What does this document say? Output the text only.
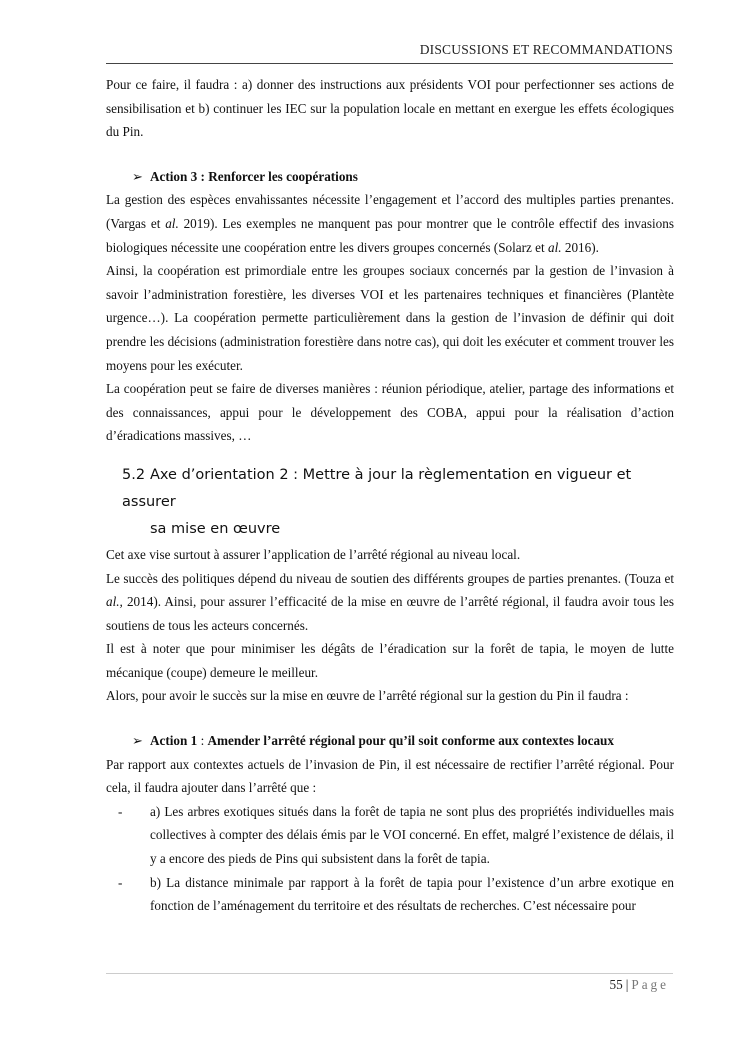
DISCUSSIONS ET RECOMMANDATIONS

Pour ce faire, il faudra : a) donner des instructions aux présidents VOI pour perfectionner ses actions de sensibilisation et b) continuer les IEC sur la population locale en mettant en exergue les effets écologiques du Pin.

➢ Action 3 : Renforcer les coopérations

La gestion des espèces envahissantes nécessite l’engagement et l’accord des multiples parties prenantes. (Vargas et al. 2019). Les exemples ne manquent pas pour montrer que le contrôle effectif des invasions biologiques nécessite une coopération entre les divers groupes concernés (Solarz et al. 2016).

Ainsi, la coopération est primordiale entre les groupes sociaux concernés par la gestion de l’invasion à savoir l’administration forestière, les diverses VOI et les partenaires techniques et financières (Plantète urgence…). La coopération permette particulièrement dans la gestion de l’invasion de définir qui doit prendre les décisions (administration forestière dans notre cas), qui doit les exécuter et comment trouver les moyens pour les exécuter.

La coopération peut se faire de diverses manières : réunion périodique, atelier, partage des informations et des connaissances, appui pour le développement des COBA, appui pour la réalisation d’action d’éradications massives, …

5.2 Axe d’orientation 2 : Mettre à jour la règlementation en vigueur et assurer
sa mise en œuvre

Cet axe vise surtout à assurer l’application de l’arrêté régional au niveau local.

Le succès des politiques dépend du niveau de soutien des différents groupes de parties prenantes. (Touza et al., 2014). Ainsi, pour assurer l’efficacité de la mise en œuvre de l’arrêté régional, il faudra avoir tous les soutiens de tous les acteurs concernés.

Il est à noter que pour minimiser les dégâts de l’éradication sur la forêt de tapia, le moyen de lutte mécanique (coupe) demeure le meilleur.

Alors, pour avoir le succès sur la mise en œuvre de l’arrêté régional sur la gestion du Pin il faudra :

➢ Action 1 : Amender l’arrêté régional pour qu’il soit conforme aux contextes locaux

Par rapport aux contextes actuels de l’invasion de Pin, il est nécessaire de rectifier l’arrêté régional. Pour cela, il faudra ajouter dans l’arrêté que :

- a) Les arbres exotiques situés dans la forêt de tapia ne sont plus des propriétés individuelles mais collectives à compter des délais émis par le VOI concerné. En effet, malgré l’existence de délais, il y a encore des pieds de Pins qui subsistent dans la forêt de tapia.
- b) La distance minimale par rapport à la forêt de tapia pour l’existence d’un arbre exotique en fonction de l’aménagement du territoire et des résultats de recherches. C’est nécessaire pour
55 | Page
